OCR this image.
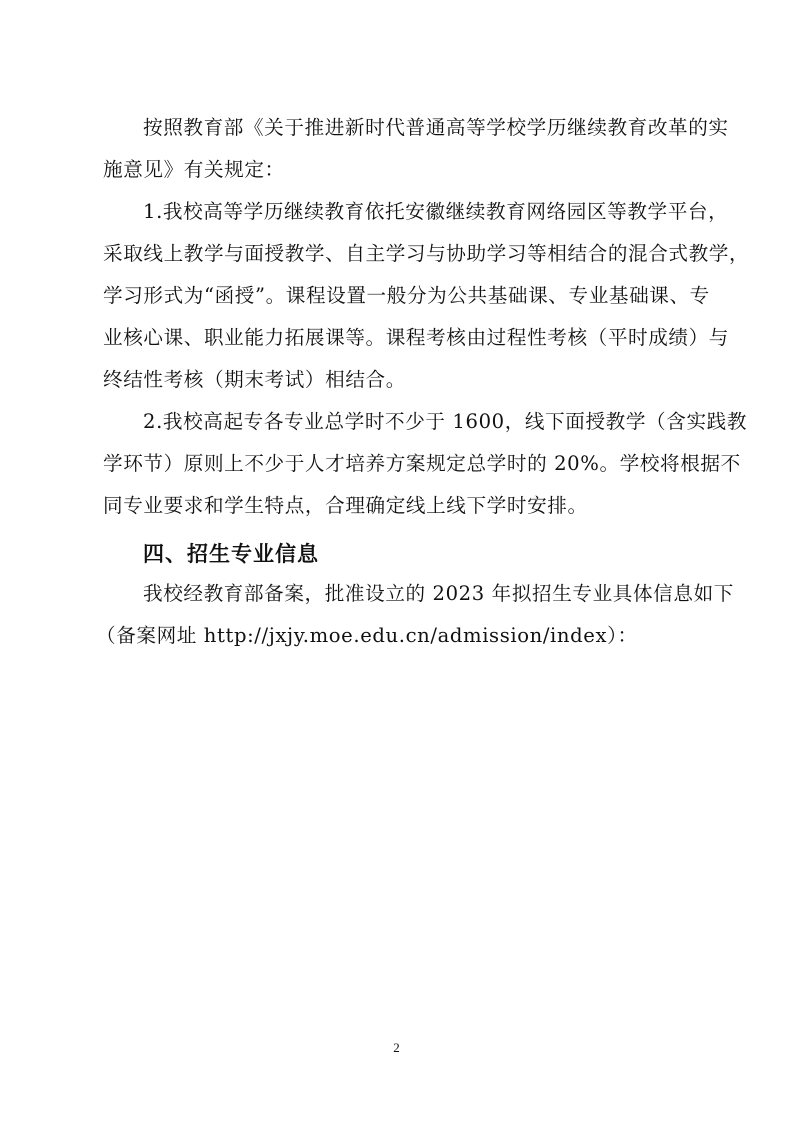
按照教育部《关于推进新时代普通高等学校学历继续教育改革的实
施意见》有关规定：
1.我校高等学历继续教育依托安徽继续教育网络园区等教学平台，
采取线上教学与面授教学、自主学习与协助学习等相结合的混合式教学，
学习形式为“函授”。课程设置一般分为公共基础课、专业基础课、专
业核心课、职业能力拓展课等。课程考核由过程性考核（平时成绩）与
终结性考核（期末考试）相结合。
2.我校高起专各专业总学时不少于 1600，线下面授教学（含实践教
学环节）原则上不少于人才培养方案规定总学时的 20%。学校将根据不
同专业要求和学生特点，合理确定线上线下学时安排。
四、招生专业信息
我校经教育部备案，批准设立的 2023 年拟招生专业具体信息如下
（备案网址 http://jxjy.moe.edu.cn/admission/index）：
2
